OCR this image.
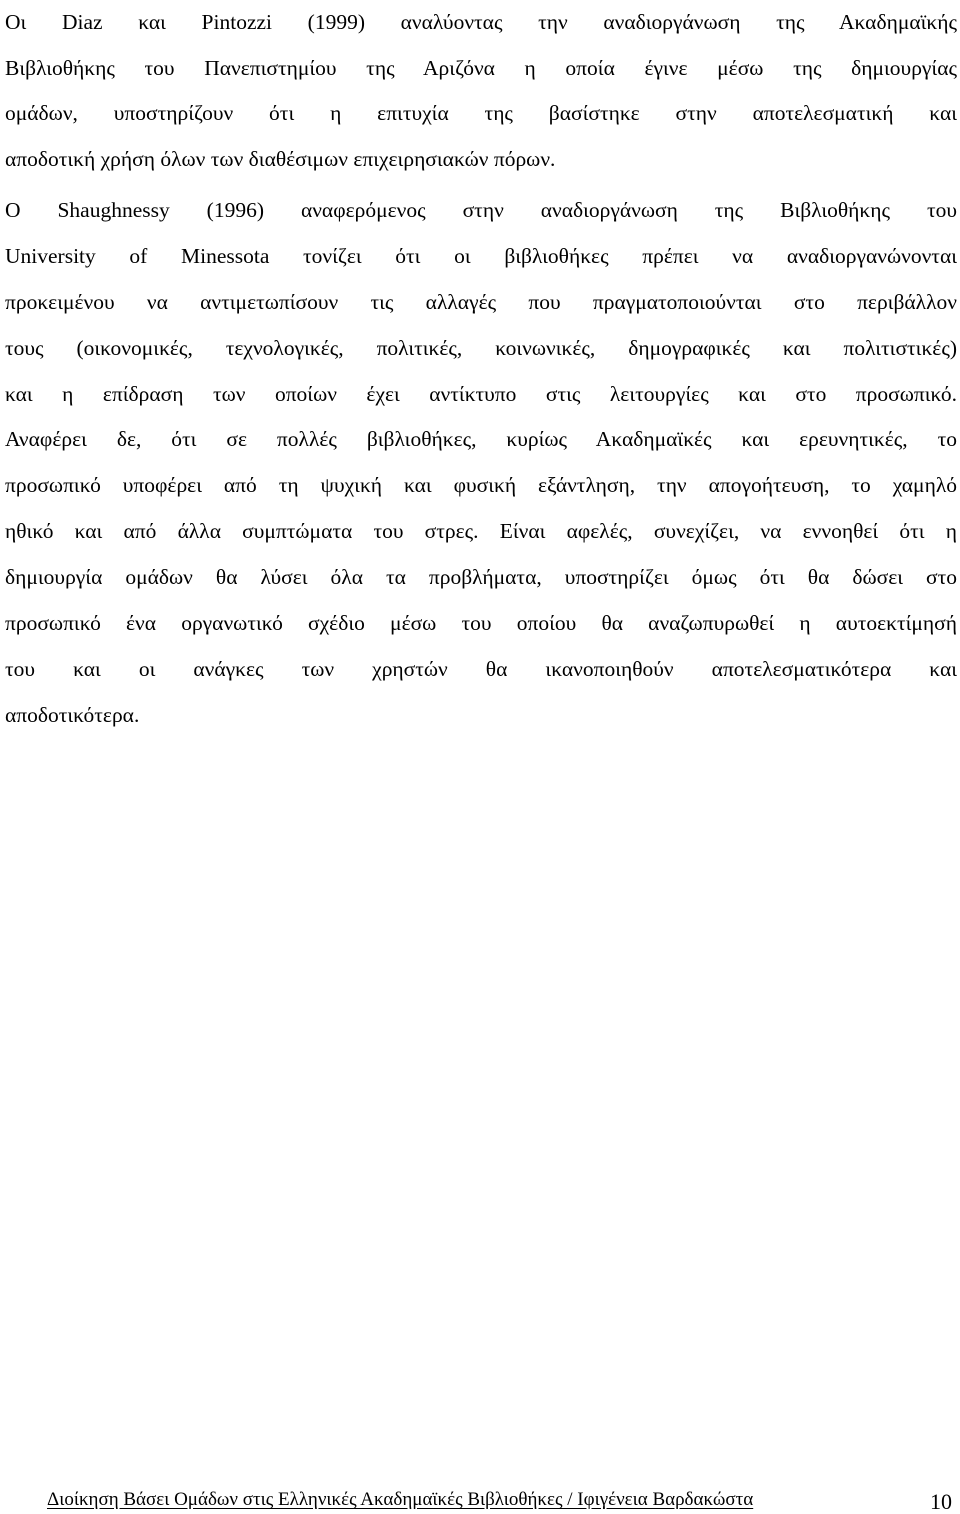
Οι Diaz και Pintozzi (1999) αναλύοντας την αναδιοργάνωση της Ακαδημαϊκής
Βιβλιοθήκης του Πανεπιστημίου της Αριζόνα η οποία έγινε μέσω της δημιουργίας
ομάδων, υποστηρίζουν ότι η επιτυχία της βασίστηκε στην αποτελεσματική και
αποδοτική χρήση όλων των διαθέσιμων επιχειρησιακών πόρων.
Ο Shaughnessy (1996) αναφερόμενος στην αναδιοργάνωση της Βιβλιοθήκης του
University of Minessota τονίζει ότι οι βιβλιοθήκες πρέπει να αναδιοργανώνονται
προκειμένου να αντιμετωπίσουν τις αλλαγές που πραγματοποιούνται στο περιβάλλον
τους (οικονομικές, τεχνολογικές, πολιτικές, κοινωνικές, δημογραφικές και πολιτιστικές)
και η επίδραση των οποίων έχει αντίκτυπο στις λειτουργίες και στο προσωπικό.
Αναφέρει δε, ότι σε πολλές βιβλιοθήκες, κυρίως Ακαδημαϊκές και ερευνητικές, το
προσωπικό υποφέρει από τη ψυχική και φυσική εξάντληση, την απογοήτευση, το χαμηλό
ηθικό και από άλλα συμπτώματα του στρες. Είναι αφελές, συνεχίζει, να εννοηθεί ότι η
δημιουργία ομάδων θα λύσει όλα τα προβλήματα, υποστηρίζει όμως ότι θα δώσει στο
προσωπικό ένα οργανωτικό σχέδιο μέσω του οποίου θα αναζωπυρωθεί η αυτοεκτίμησή
του και οι ανάγκες των χρηστών θα ικανοποιηθούν αποτελεσματικότερα και
αποδοτικότερα.
Διοίκηση Βάσει Ομάδων στις Ελληνικές Ακαδημαϊκές Βιβλιοθήκες / Ιφιγένεια Βαρδακώστα	10
